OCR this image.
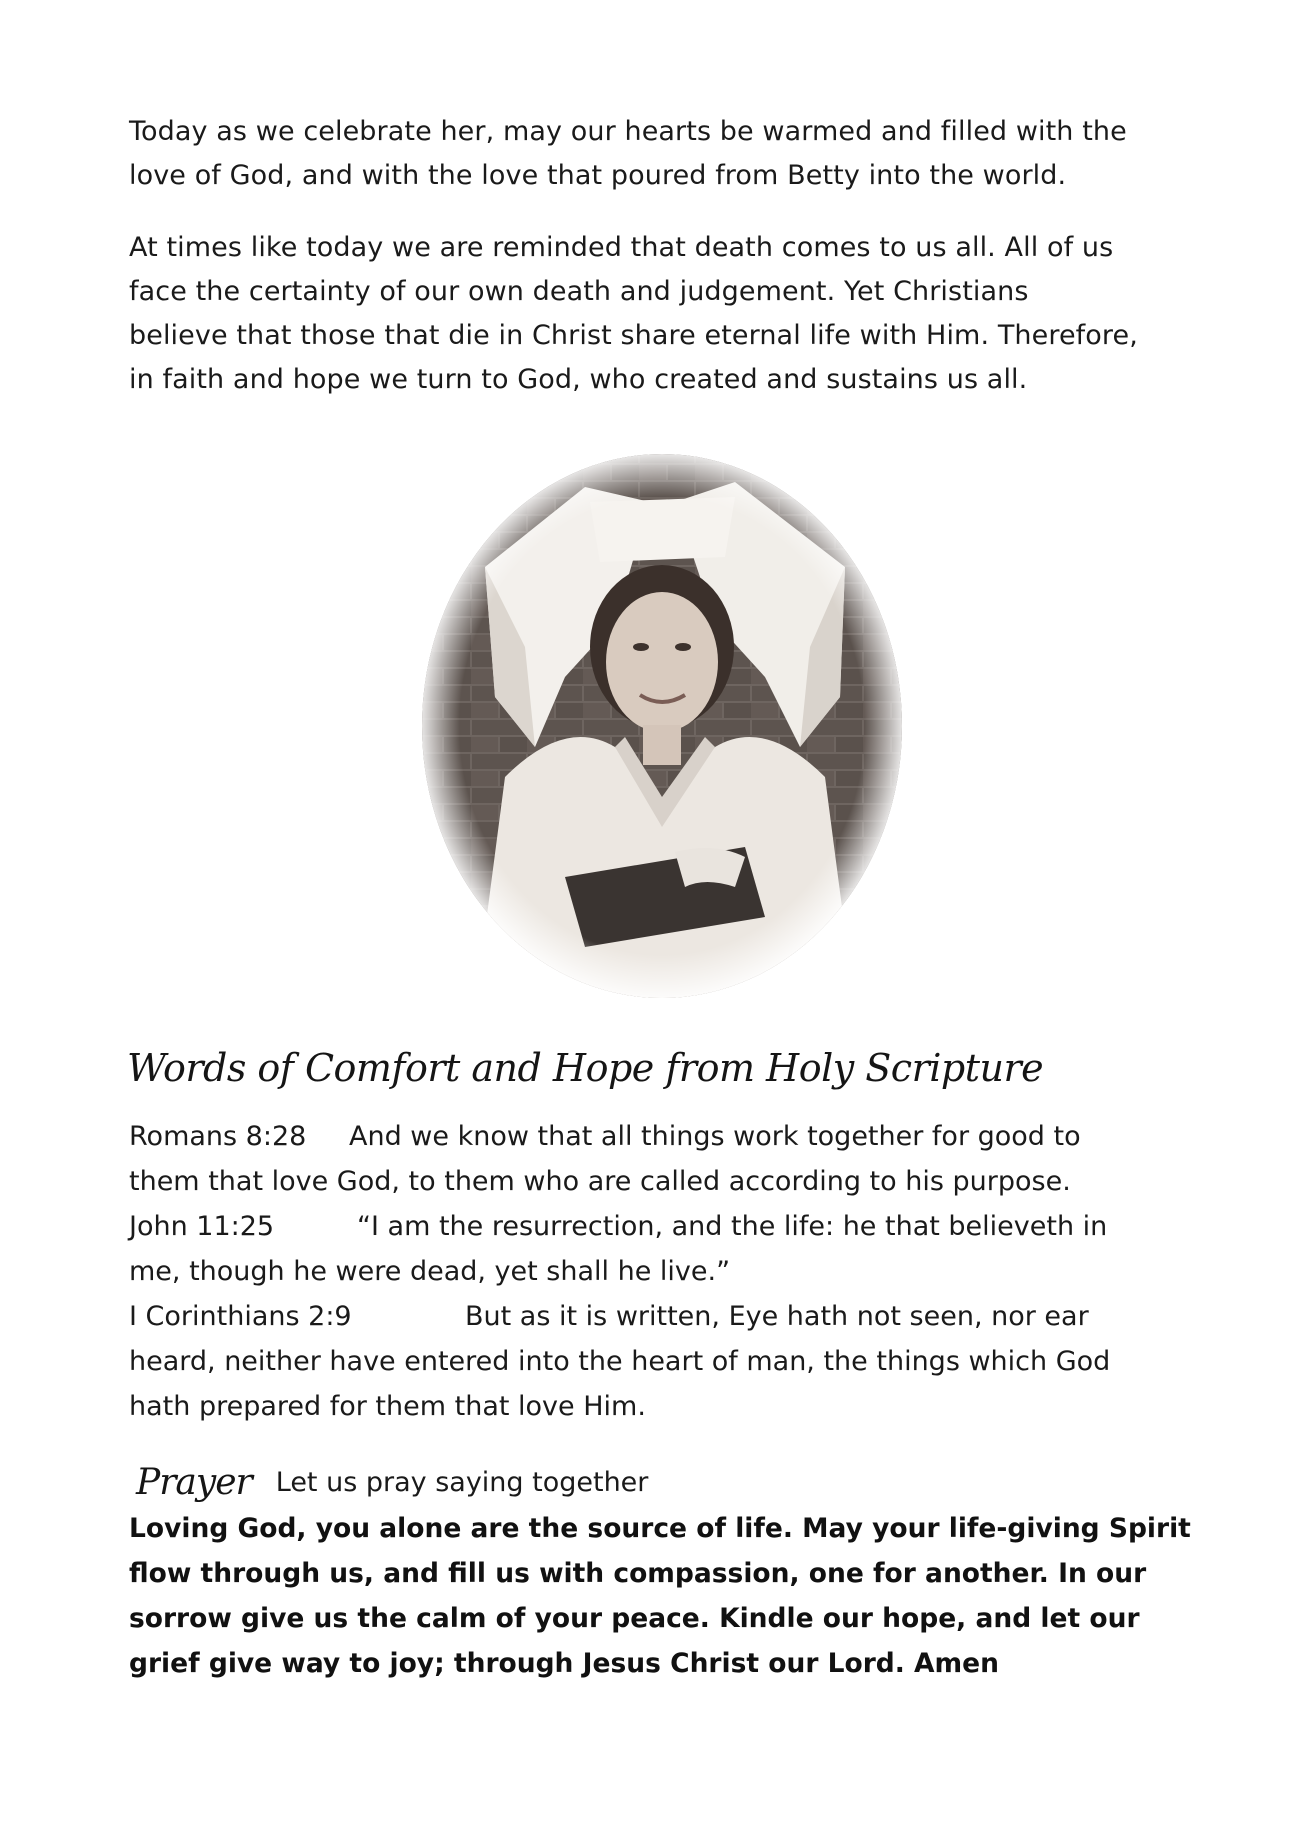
Today as we celebrate her, may our hearts be warmed and filled with the
love of God, and with the love that poured from Betty into the world.

At times like today we are reminded that death comes to us all. All of us
face the certainty of our own death and judgement. Yet Christians
believe that those that die in Christ share eternal life with Him. Therefore,
in faith and hope we turn to God, who created and sustains us all.

Words of Comfort and Hope from Holy Scripture
Romans 8:28 And we know that all things work together for good to
them that love God, to them who are called according to his purpose.
John 11:25	“I am the resurrection, and the life: he that believeth in
me, though he were dead, yet shall he live.”
I Corinthians 2:9	But as it is written, Eye hath not seen, nor ear
heard, neither have entered into the heart of man, the things which God
hath prepared for them that love Him.
Prayer Let us pray saying together
Loving God, you alone are the source of life. May your life-giving Spirit
flow through us, and fill us with compassion, one for another. In our
sorrow give us the calm of your peace. Kindle our hope, and let our
grief give way to joy; through Jesus Christ our Lord. Amen
